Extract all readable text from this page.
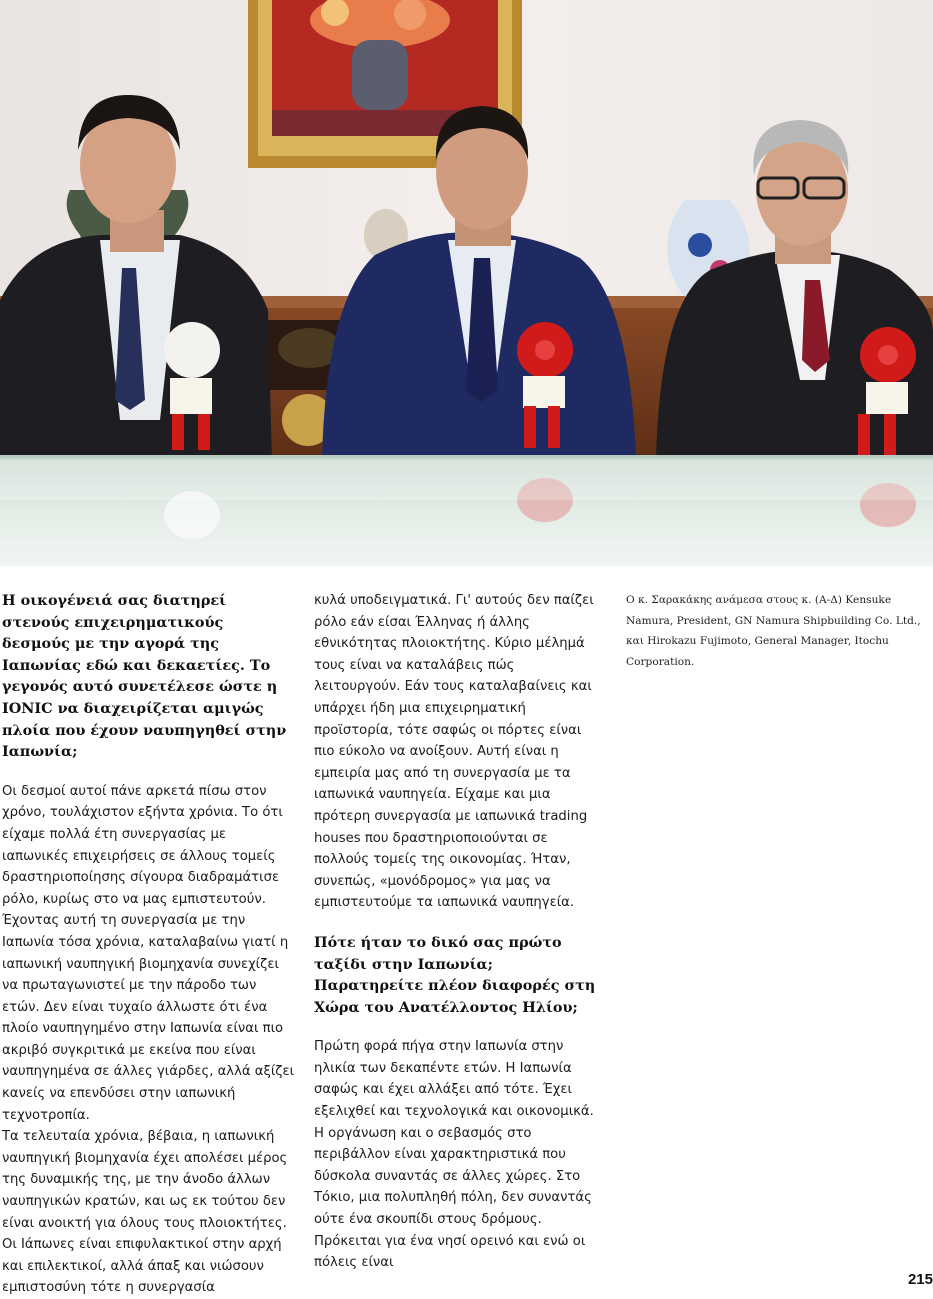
Η οικογένειά σας διατηρεί στενούς επιχειρηματικούς δεσμούς με την αγορά της Ιαπωνίας εδώ και δεκαετίες. Το γεγονός αυτό συνετέλεσε ώστε η IONIC να διαχειρίζεται αμιγώς πλοία που έχουν ναυπηγηθεί στην Ιαπωνία;

Οι δεσμοί αυτοί πάνε αρκετά πίσω στον χρόνο, τουλάχιστον εξήντα χρόνια. Το ότι είχαμε πολλά έτη συνεργασίας με ιαπωνικές επιχειρήσεις σε άλλους τομείς δραστηριοποίησης σίγουρα διαδραμάτισε ρόλο, κυρίως στο να μας εμπιστευτούν. Έχοντας αυτή τη συνεργασία με την Ιαπωνία τόσα χρόνια, καταλαβαίνω γιατί η ιαπωνική ναυπηγική βιομηχανία συνεχίζει να πρωταγωνιστεί με την πάροδο των ετών. Δεν είναι τυχαίο άλλωστε ότι ένα πλοίο ναυπηγημένο στην Ιαπωνία είναι πιο ακριβό συγκριτικά με εκείνα που είναι ναυπηγημένα σε άλλες γιάρδες, αλλά αξίζει κανείς να επενδύσει στην ιαπωνική τεχνοτροπία.

Τα τελευταία χρόνια, βέβαια, η ιαπωνική ναυπηγική βιομηχανία έχει απολέσει μέρος της δυναμικής της, με την άνοδο άλλων ναυπηγικών κρατών, και ως εκ τούτου δεν είναι ανοικτή για όλους τους πλοιοκτήτες. Οι Ιάπωνες είναι επιφυλακτικοί στην αρχή και επιλεκτικοί, αλλά άπαξ και νιώσουν εμπιστοσύνη τότε η συνεργασία

κυλά υποδειγματικά. Γι' αυτούς δεν παίζει ρόλο εάν είσαι Έλληνας ή άλλης εθνικότητας πλοιοκτήτης. Κύριο μέλημά τους είναι να καταλάβεις πώς λειτουργούν. Εάν τους καταλαβαίνεις και υπάρχει ήδη μια επιχειρηματική προϊστορία, τότε σαφώς οι πόρτες είναι πιο εύκολο να ανοίξουν. Αυτή είναι η εμπειρία μας από τη συνεργασία με τα ιαπωνικά ναυπηγεία. Είχαμε και μια πρότερη συνεργασία με ιαπωνικά trading houses που δραστηριοποιούνται σε πολλούς τομείς της οικονομίας. Ήταν, συνεπώς, «μονόδρομος» για μας να εμπιστευτούμε τα ιαπωνικά ναυπηγεία.

Πότε ήταν το δικό σας πρώτο ταξίδι στην Ιαπωνία; Παρατηρείτε πλέον διαφορές στη Χώρα του Ανατέλλοντος Ηλίου;

Πρώτη φορά πήγα στην Ιαπωνία στην ηλικία των δεκαπέντε ετών. Η Ιαπωνία σαφώς και έχει αλλάξει από τότε. Έχει εξελιχθεί και τεχνολογικά και οικονομικά. Η οργάνωση και ο σεβασμός στο περιβάλλον είναι χαρακτηριστικά που δύσκολα συναντάς σε άλλες χώρες. Στο Τόκιο, μια πολυπληθή πόλη, δεν συναντάς ούτε ένα σκουπίδι στους δρόμους. Πρόκειται για ένα νησί ορεινό και ενώ οι πόλεις είναι

Ο κ. Σαρακάκης ανάμεσα στους κ. (Α-Δ) Kensuke Namura, President, GN Namura Shipbuilding Co. Ltd., και Hirokazu Fujimoto, General Manager, Itochu Corporation.

215
